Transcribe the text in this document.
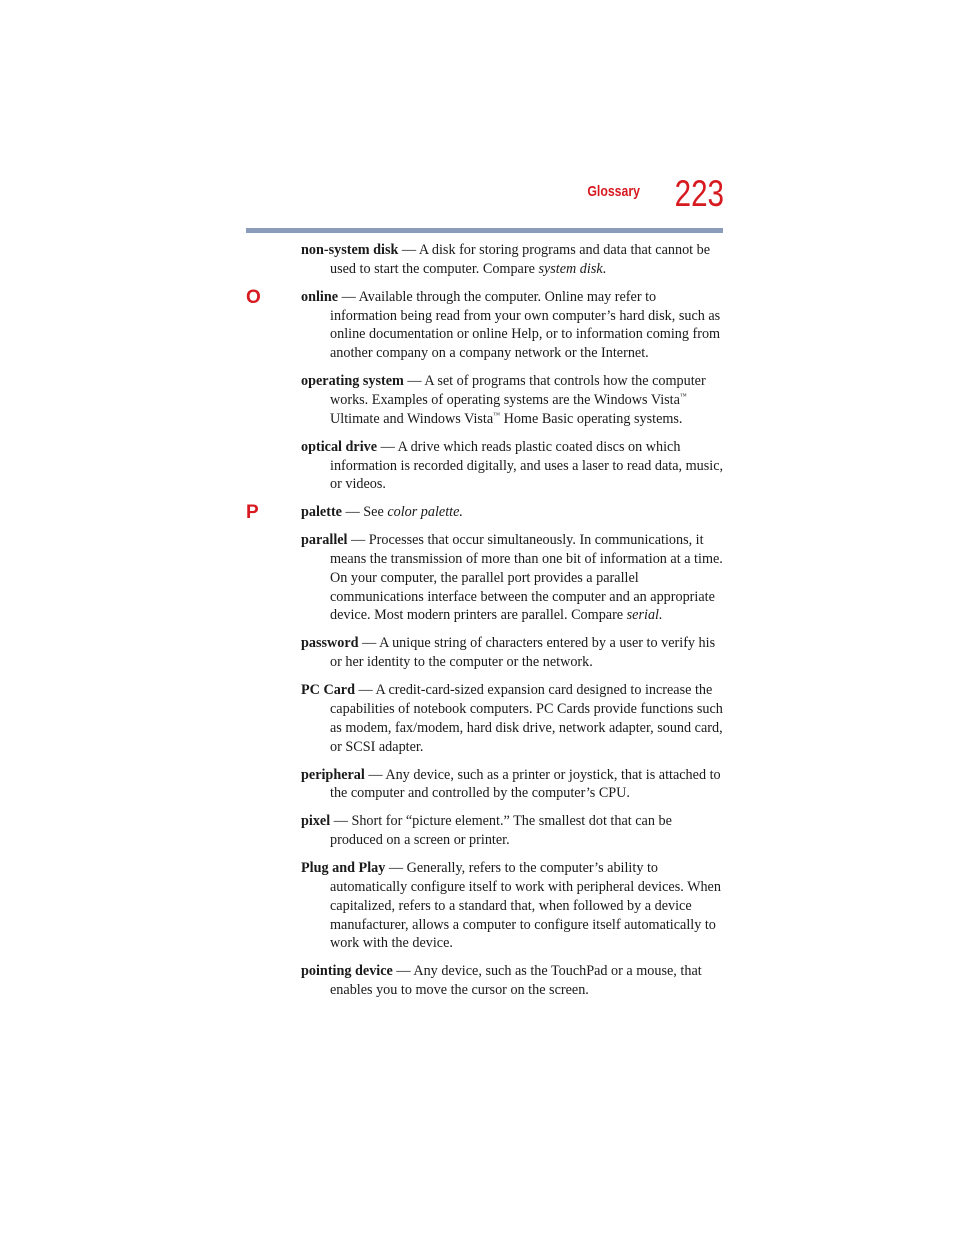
Glossary 223

non-system disk — A disk for storing programs and data that cannot be used to start the computer. Compare system disk.

O	online — Available through the computer. Online may refer to information being read from your own computer’s hard disk, such as online documentation or online Help, or to information coming from another company on a company network or the Internet.

operating system — A set of programs that controls how the computer works. Examples of operating systems are the Windows Vista™ Ultimate and Windows Vista™ Home Basic operating systems.

optical drive — A drive which reads plastic coated discs on which information is recorded digitally, and uses a laser to read data, music, or videos.

P	palette — See color palette.

parallel — Processes that occur simultaneously. In communications, it means the transmission of more than one bit of information at a time. On your computer, the parallel port provides a parallel communications interface between the computer and an appropriate device. Most modern printers are parallel. Compare serial.

password — A unique string of characters entered by a user to verify his or her identity to the computer or the network.

PC Card — A credit-card-sized expansion card designed to increase the capabilities of notebook computers. PC Cards provide functions such as modem, fax/modem, hard disk drive, network adapter, sound card, or SCSI adapter.

peripheral — Any device, such as a printer or joystick, that is attached to the computer and controlled by the computer’s CPU.

pixel — Short for “picture element.” The smallest dot that can be produced on a screen or printer.

Plug and Play — Generally, refers to the computer’s ability to automatically configure itself to work with peripheral devices. When capitalized, refers to a standard that, when followed by a device manufacturer, allows a computer to configure itself automatically to work with the device.

pointing device — Any device, such as the TouchPad or a mouse, that enables you to move the cursor on the screen.
